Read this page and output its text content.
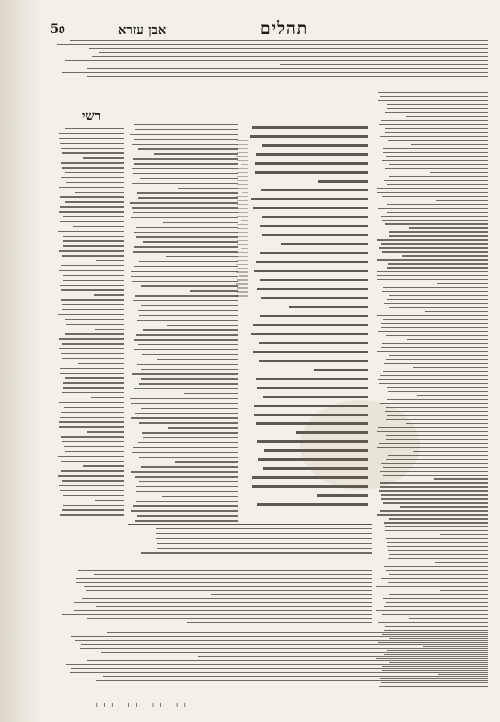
5𝔬	אבן עזרא	תהלים
רשי
ᴵᴵᴵ ᴵᴵ ᴵᴵ ᴵᴵ
